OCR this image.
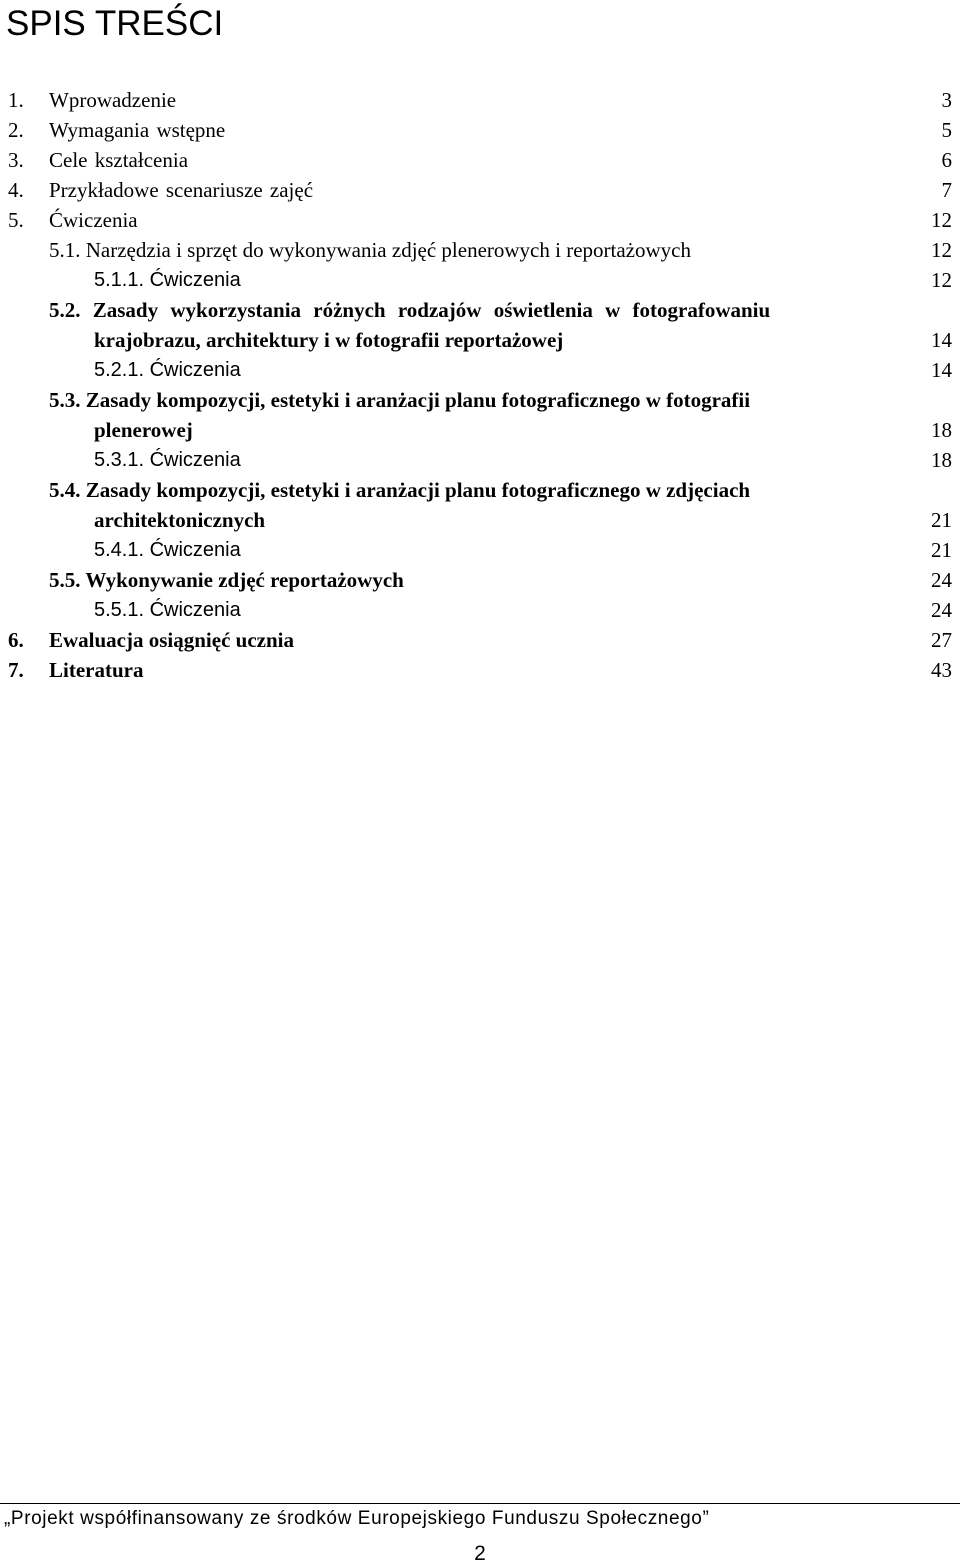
SPIS TREŚCI
1. Wprowadzenie	3
2. Wymagania wstępne	5
3. Cele kształcenia	6
4. Przykładowe scenariusze zajęć	7
5. Ćwiczenia	12
5.1. Narzędzia i sprzęt do wykonywania zdjęć plenerowych i reportażowych	12
5.1.1. Ćwiczenia	12
5.2. Zasady wykorzystania różnych rodzajów oświetlenia w fotografowaniu
krajobrazu, architektury i w fotografii reportażowej	14
5.2.1. Ćwiczenia	14
5.3. Zasady kompozycji, estetyki i aranżacji planu fotograficznego w fotografii
plenerowej	18
5.3.1. Ćwiczenia	18
5.4. Zasady kompozycji, estetyki i aranżacji planu fotograficznego w zdjęciach
architektonicznych	21
5.4.1. Ćwiczenia	21
5.5. Wykonywanie zdjęć reportażowych	24
5.5.1. Ćwiczenia	24
6. Ewaluacja osiągnięć ucznia	27
7. Literatura	43
„Projekt współfinansowany ze środków Europejskiego Funduszu Społecznego”
2
